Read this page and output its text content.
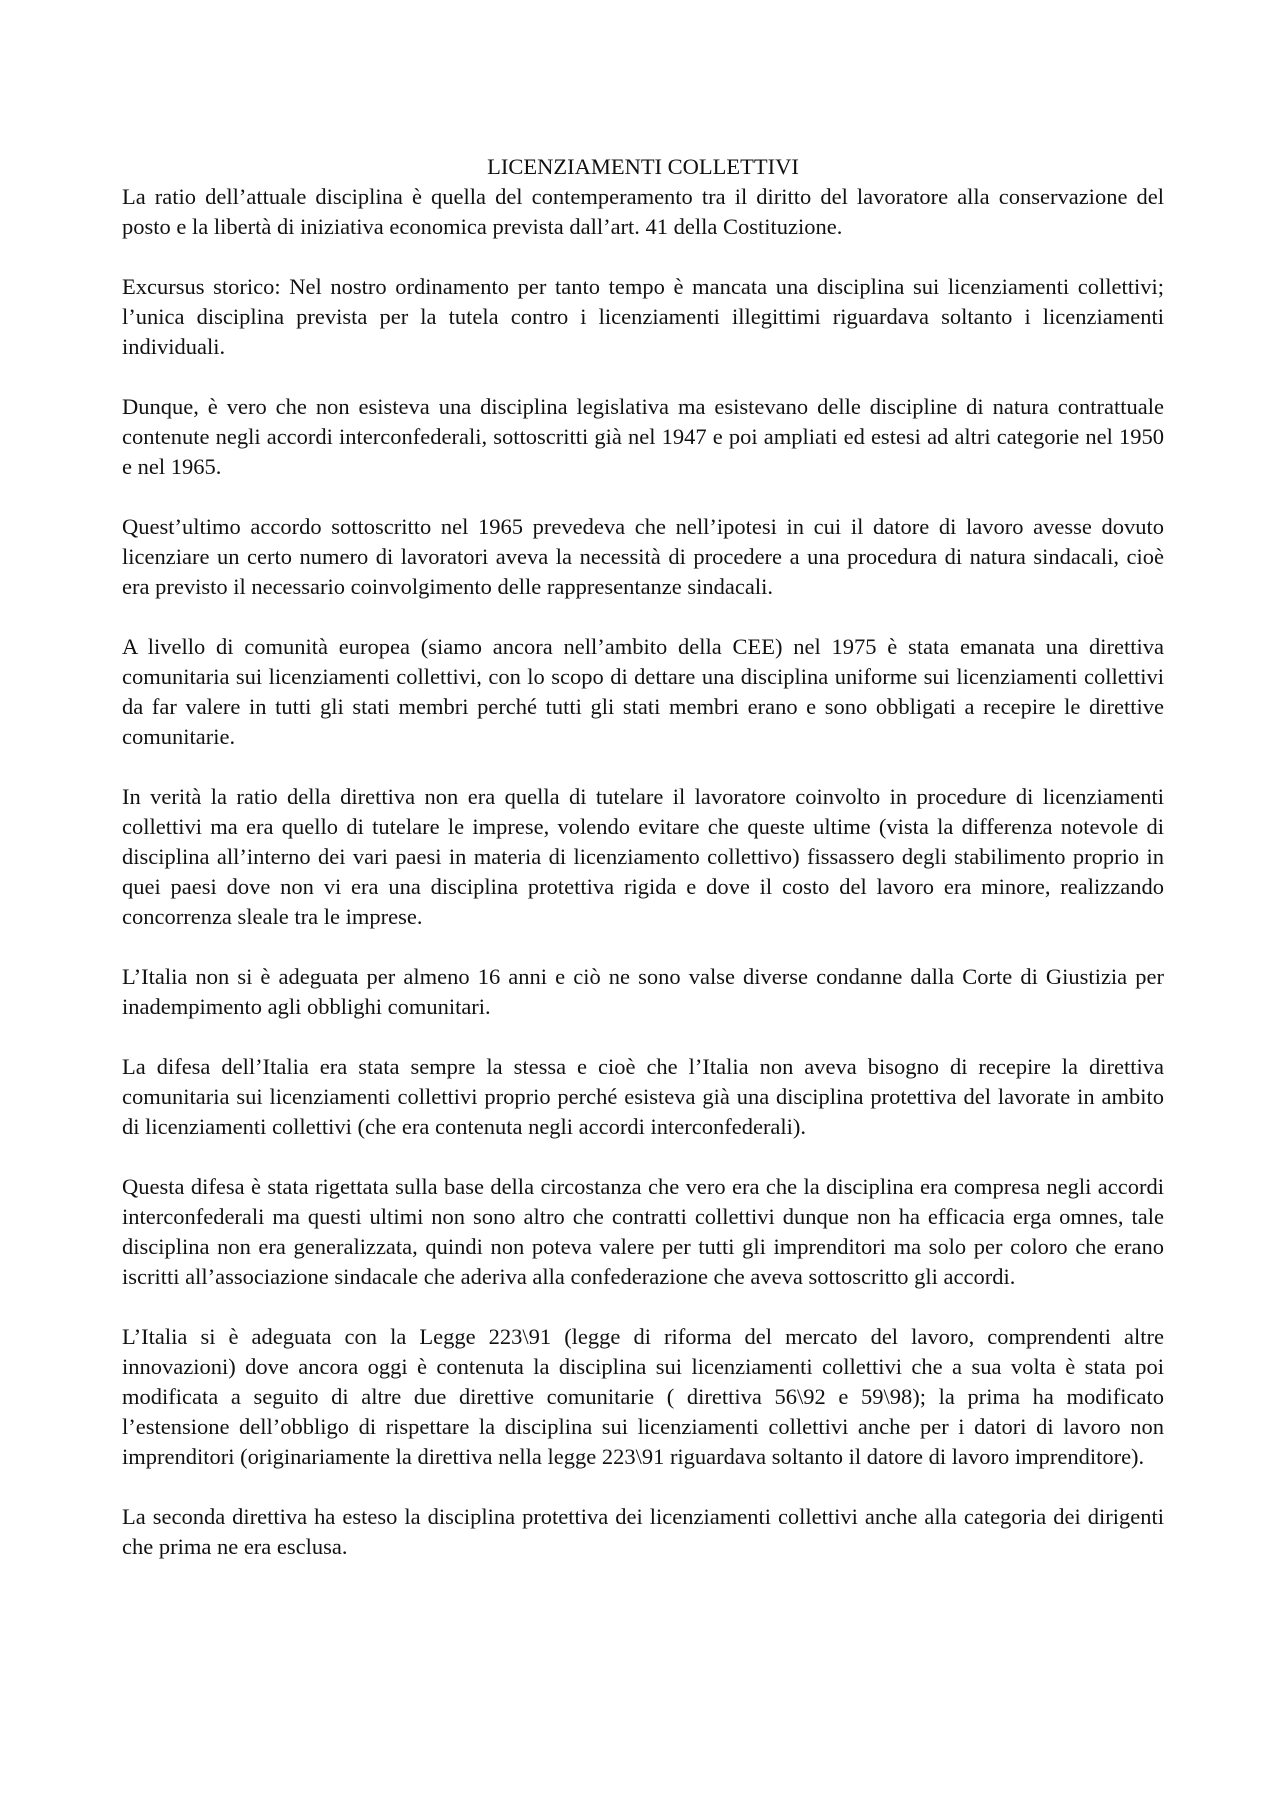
LICENZIAMENTI COLLETTIVI

La ratio dell’attuale disciplina è quella del contemperamento tra il diritto del lavoratore alla conservazione del posto e la libertà di iniziativa economica prevista dall’art. 41 della Costituzione.

Excursus storico: Nel nostro ordinamento per tanto tempo è mancata una disciplina sui licenziamenti collettivi; l’unica disciplina prevista per la tutela contro i licenziamenti illegittimi riguardava soltanto i licenziamenti individuali.

Dunque, è vero che non esisteva una disciplina legislativa ma esistevano delle discipline di natura contrattuale contenute negli accordi interconfederali, sottoscritti già nel 1947 e poi ampliati ed estesi ad altri categorie nel 1950 e nel 1965.

Quest’ultimo accordo sottoscritto nel 1965 prevedeva che nell’ipotesi in cui il datore di lavoro avesse dovuto licenziare un certo numero di lavoratori aveva la necessità di procedere a una procedura di natura sindacali, cioè era previsto il necessario coinvolgimento delle rappresentanze sindacali.

A livello di comunità europea (siamo ancora nell’ambito della CEE) nel 1975 è stata emanata una direttiva comunitaria sui licenziamenti collettivi, con lo scopo di dettare una disciplina uniforme sui licenziamenti collettivi da far valere in tutti gli stati membri perché tutti gli stati membri erano e sono obbligati a recepire le direttive comunitarie.

In verità la ratio della direttiva non era quella di tutelare il lavoratore coinvolto in procedure di licenziamenti collettivi ma era quello di tutelare le imprese, volendo evitare che queste ultime (vista la differenza notevole di disciplina all’interno dei vari paesi in materia di licenziamento collettivo) fissassero degli stabilimento proprio in quei paesi dove non vi era una disciplina protettiva rigida e dove il costo del lavoro era minore, realizzando concorrenza sleale tra le imprese.

L’Italia non si è adeguata per almeno 16 anni e ciò ne sono valse diverse condanne dalla Corte di Giustizia per inadempimento agli obblighi comunitari.

La difesa dell’Italia era stata sempre la stessa e cioè che l’Italia non aveva bisogno di recepire la direttiva comunitaria sui licenziamenti collettivi proprio perché esisteva già una disciplina protettiva del lavorate in ambito di licenziamenti collettivi (che era contenuta negli accordi interconfederali).

Questa difesa è stata rigettata sulla base della circostanza che vero era che la disciplina era compresa negli accordi interconfederali ma questi ultimi non sono altro che contratti collettivi dunque non ha efficacia erga omnes, tale disciplina non era generalizzata, quindi non poteva valere per tutti gli imprenditori ma solo per coloro che erano iscritti all’associazione sindacale che aderiva alla confederazione che aveva sottoscritto gli accordi.

L’Italia si è adeguata con la Legge 223\91 (legge di riforma del mercato del lavoro, comprendenti altre innovazioni) dove ancora oggi è contenuta la disciplina sui licenziamenti collettivi che a sua volta è stata poi modificata a seguito di altre due direttive comunitarie ( direttiva 56\92 e 59\98); la prima ha modificato l’estensione dell’obbligo di rispettare la disciplina sui licenziamenti collettivi anche per i datori di lavoro non imprenditori (originariamente la direttiva nella legge 223\91 riguardava soltanto il datore di lavoro imprenditore).

La seconda direttiva ha esteso la disciplina protettiva dei licenziamenti collettivi anche alla categoria dei dirigenti che prima ne era esclusa.
